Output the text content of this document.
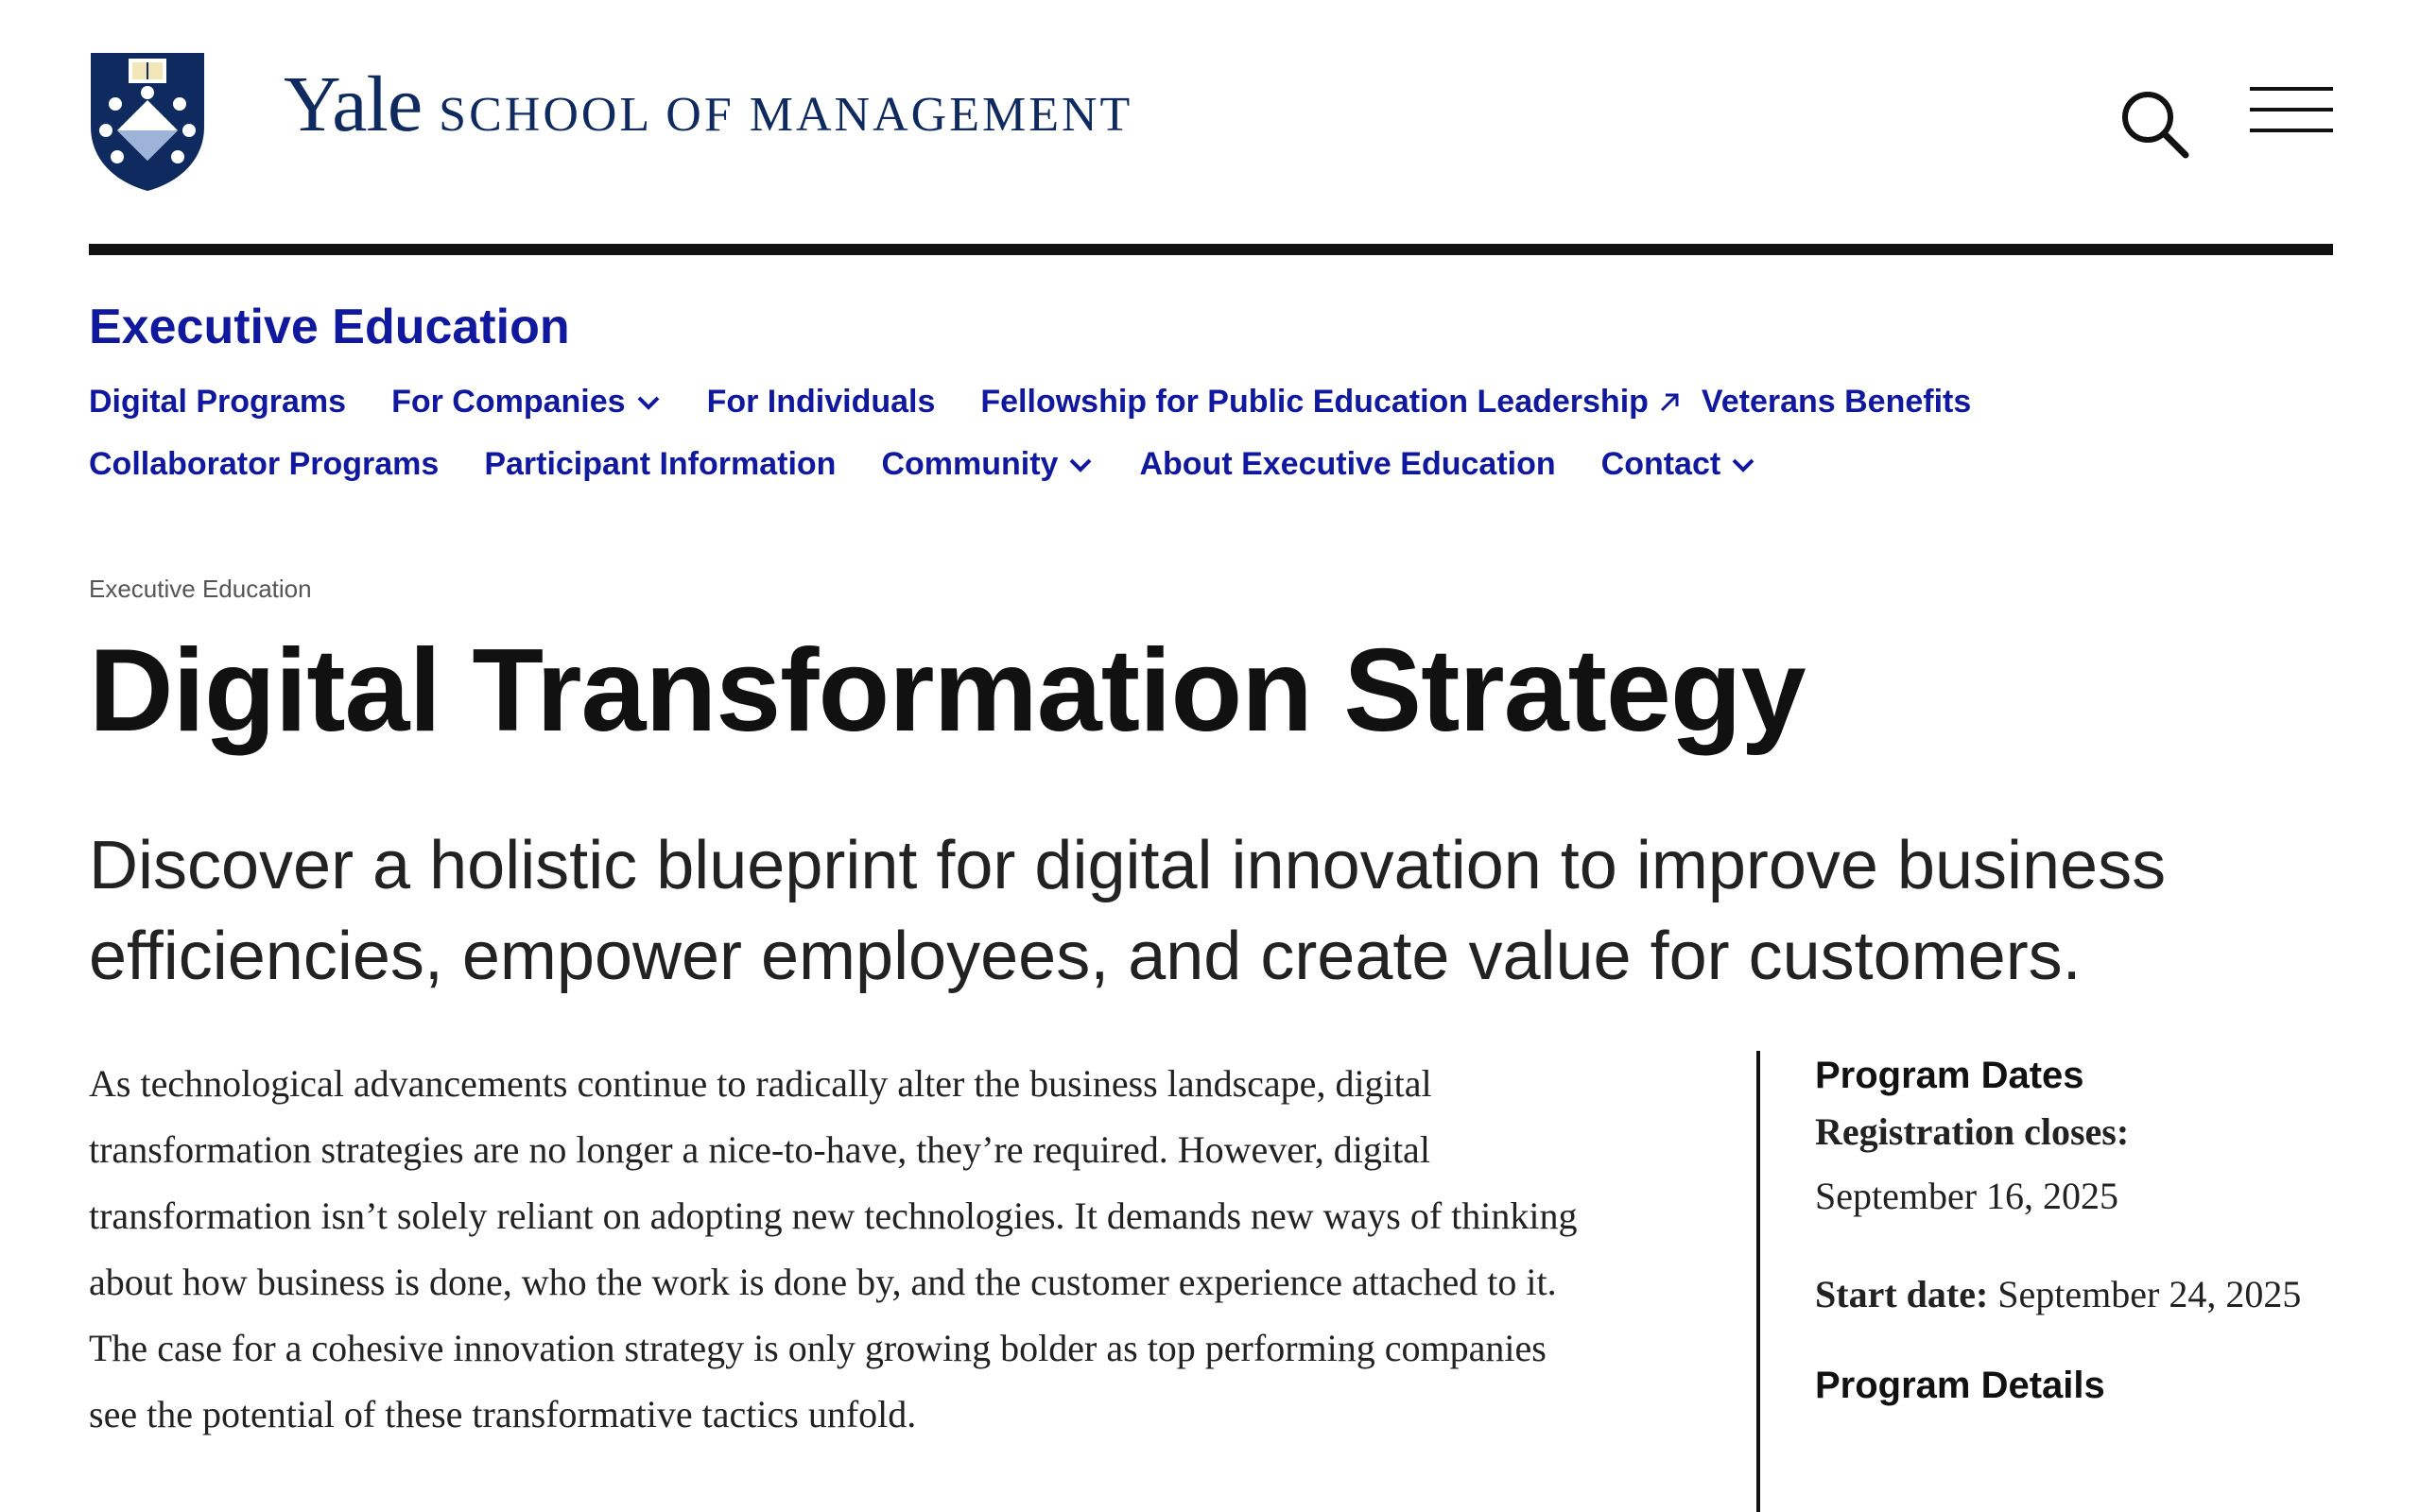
Yale SCHOOL OF MANAGEMENT
Executive Education
Digital Programs For Companies	For Individuals Fellowship for Public Education Leadership Veterans Benefits
Collaborator Programs Participant Information Community	About Executive Education Contact
Executive Education
Digital Transformation Strategy
Discover a holistic blueprint for digital innovation to improve business efficiencies, empower employees, and create value for customers.
As technological advancements continue to radically alter the business landscape, digital transformation strategies are no longer a nice-to-have, they’re required. However, digital transformation isn’t solely reliant on adopting new technologies. It demands new ways of thinking about how business is done, who the work is done by, and the customer experience attached to it. The case for a cohesive innovation strategy is only growing bolder as top performing companies see the potential of these transformative tactics unfold.
Program Dates

Registration closes:
September 16, 2025

Start date: September 24, 2025

Program Details
